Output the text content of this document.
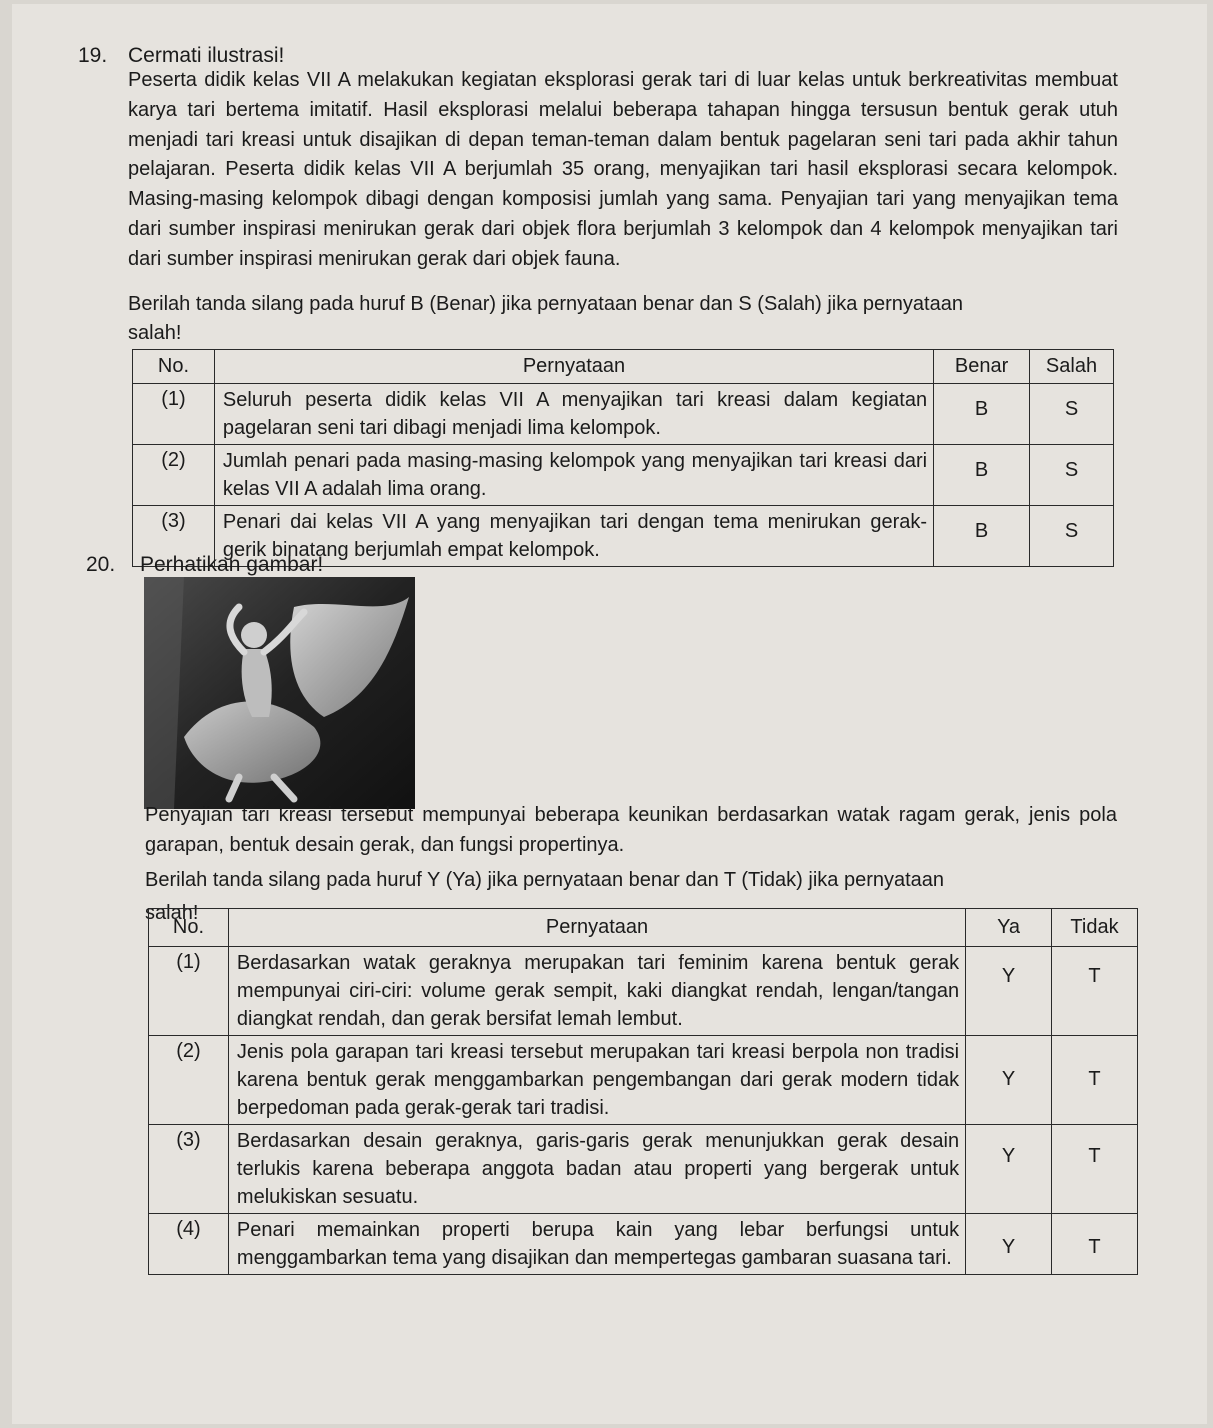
19. Cermati ilustrasi!

Peserta didik kelas VII A melakukan kegiatan eksplorasi gerak tari di luar kelas untuk berkreativitas membuat karya tari bertema imitatif. Hasil eksplorasi melalui beberapa tahapan hingga tersusun bentuk gerak utuh menjadi tari kreasi untuk disajikan di depan teman-teman dalam bentuk pagelaran seni tari pada akhir tahun pelajaran. Peserta didik kelas VII A berjumlah 35 orang, menyajikan tari hasil eksplorasi secara kelompok. Masing-masing kelompok dibagi dengan komposisi jumlah yang sama. Penyajian tari yang menyajikan tema dari sumber inspirasi menirukan gerak dari objek flora berjumlah 3 kelompok dan 4 kelompok menyajikan tari dari sumber inspirasi menirukan gerak dari objek fauna.

Berilah tanda silang pada huruf B (Benar) jika pernyataan benar dan S (Salah) jika pernyataan
salah!
No.	Pernyataan	Benar	Salah
(1)	Seluruh peserta didik kelas VII A menyajikan tari kreasi dalam kegiatan pagelaran seni tari dibagi menjadi lima kelompok.	B	S
(2)	Jumlah penari pada masing-masing kelompok yang menyajikan tari kreasi dari kelas VII A adalah lima orang.	B	S
(3)	Penari dai kelas VII A yang menyajikan tari dengan tema menirukan gerak-gerik binatang berjumlah empat kelompok.	B	S
20. Perhatikan gambar!

Penyajian tari kreasi tersebut mempunyai beberapa keunikan berdasarkan watak ragam gerak, jenis pola garapan, bentuk desain gerak, dan fungsi propertinya.

Berilah tanda silang pada huruf Y (Ya) jika pernyataan benar dan T (Tidak) jika pernyataan
salah!
No.	Pernyataan	Ya	Tidak
(1)	Berdasarkan watak geraknya merupakan tari feminim karena bentuk gerak mempunyai ciri-ciri: volume gerak sempit, kaki diangkat rendah, lengan/tangan diangkat rendah, dan gerak bersifat lemah lembut.	Y	T
(2)	Jenis pola garapan tari kreasi tersebut merupakan tari kreasi berpola non tradisi karena bentuk gerak menggambarkan pengembangan dari gerak modern tidak berpedoman pada gerak-gerak tari tradisi.	Y	T
(3)	Berdasarkan desain geraknya, garis-garis gerak menunjukkan gerak desain terlukis karena beberapa anggota badan atau properti yang bergerak untuk melukiskan sesuatu.	Y	T
(4)	Penari memainkan properti berupa kain yang lebar berfungsi untuk menggambarkan tema yang disajikan dan mempertegas gambaran suasana tari.	Y	T
